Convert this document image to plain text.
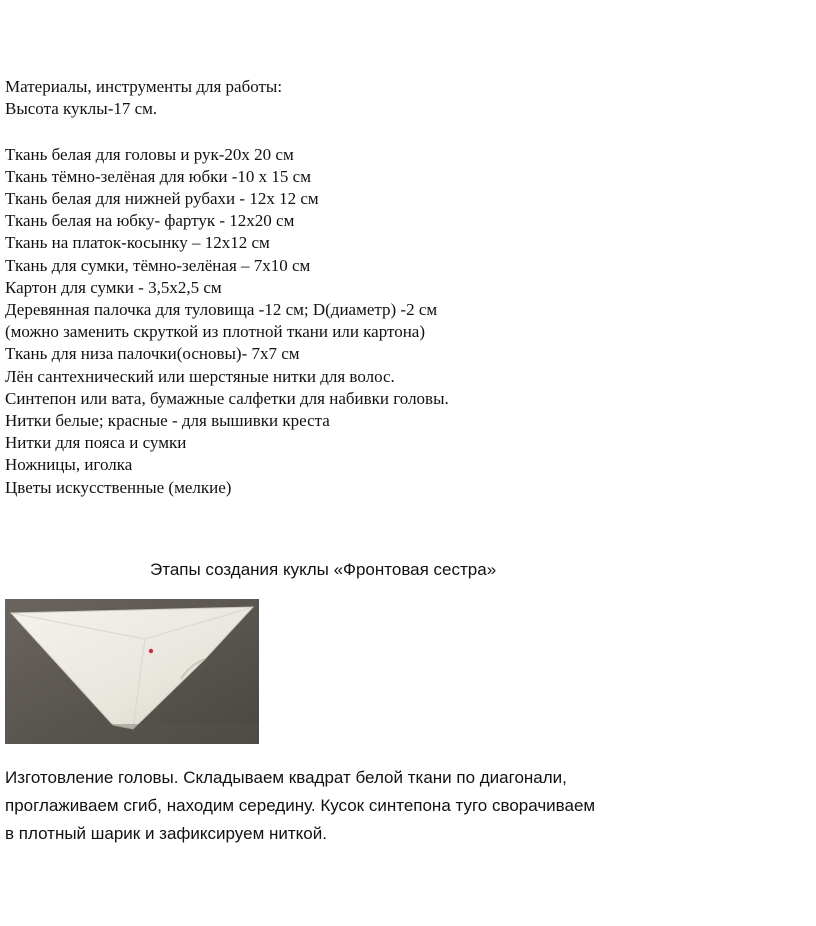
Материалы, инструменты для работы:
Высота куклы-17 см.
Ткань белая для головы и рук-20х 20 см
Ткань тёмно-зелёная для юбки -10 х 15 см
Ткань белая для нижней рубахи - 12х 12 см
Ткань белая на юбку- фартук - 12х20 см
Ткань на платок-косынку – 12х12 см
Ткань для сумки, тёмно-зелёная – 7х10 см
Картон для сумки - 3,5х2,5 см
Деревянная палочка для туловища -12 см; D(диаметр) -2 см
(можно заменить скруткой из плотной ткани или картона)
Ткань для низа палочки(основы)- 7х7 см
Лён сантехнический или шерстяные нитки для волос.
Синтепон или вата, бумажные салфетки для набивки головы.
Нитки белые; красные - для вышивки креста
Нитки для пояса и сумки
Ножницы, иголка
Цветы искусственные (мелкие)
Этапы создания куклы «Фронтовая сестра»
Изготовление головы. Складываем квадрат белой ткани по диагонали,
проглаживаем сгиб, находим середину. Кусок синтепона туго сворачиваем
в плотный шарик и зафиксируем ниткой.
